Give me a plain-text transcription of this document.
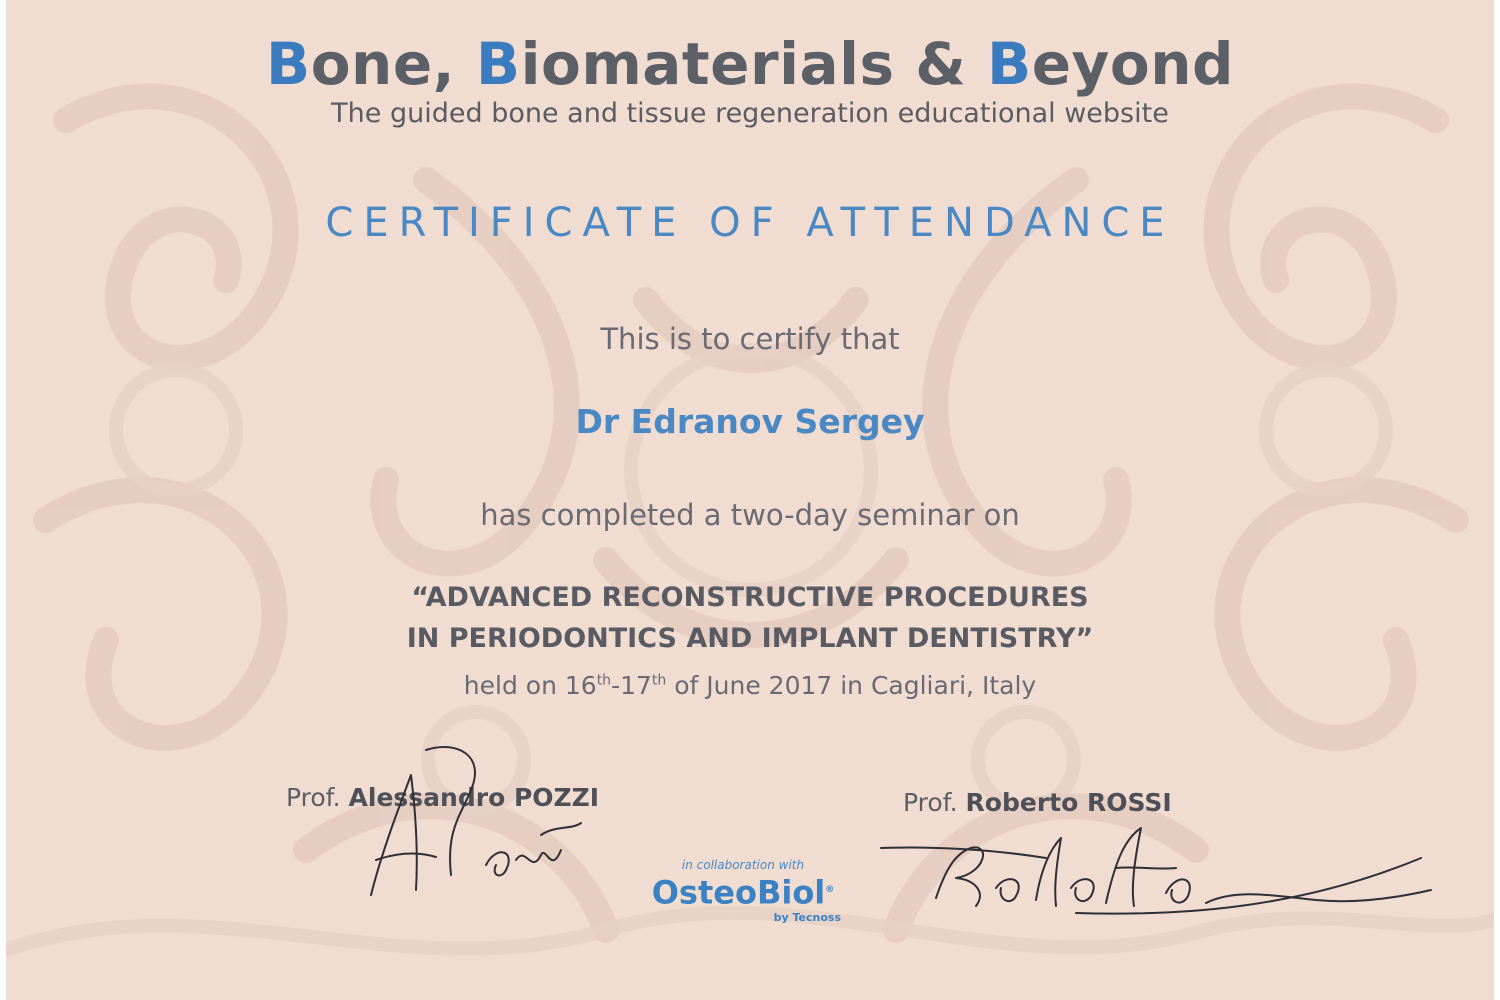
Bone, Biomaterials & Beyond
The guided bone and tissue regeneration educational website
CERTIFICATE OF ATTENDANCE
This is to certify that
Dr Edranov Sergey
has completed a two-day seminar on
“ADVANCED RECONSTRUCTIVE PROCEDURES
IN PERIODONTICS AND IMPLANT DENTISTRY”
held on 16th-17th of June 2017 in Cagliari, Italy
Prof. Alessandro POZZI	Prof. Roberto ROSSI
in collaboration with
OsteoBiol®
by Tecnoss
